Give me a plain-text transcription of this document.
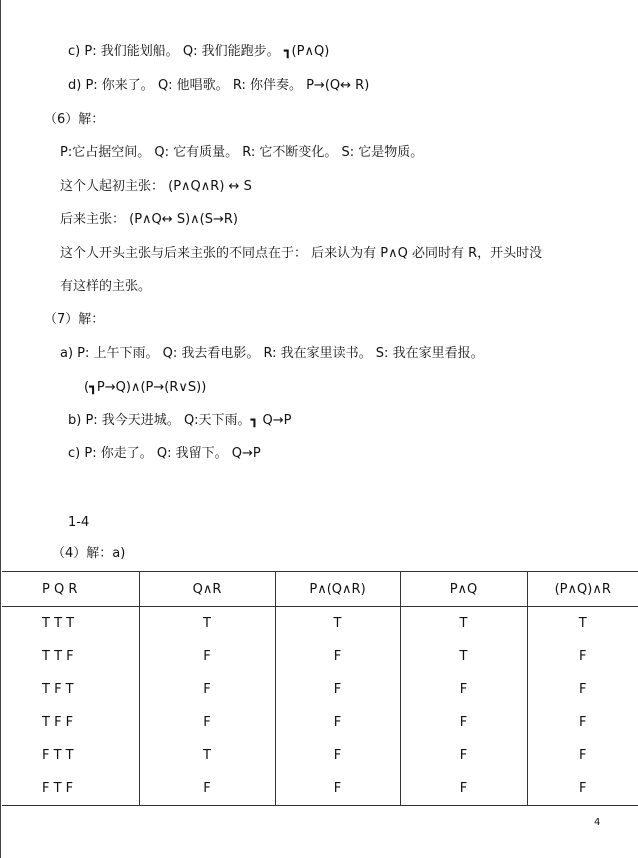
c) P: 我们能划船。 Q: 我们能跑步。 ┓(P∧Q)
d) P: 你来了。 Q: 他唱歌。 R: 你伴奏。 P→(Q↔ R)
（6）解：
P:它占据空间。 Q: 它有质量。 R: 它不断变化。 S: 它是物质。
这个人起初主张： (P∧Q∧R) ↔ S
后来主张： (P∧Q↔ S)∧(S→R)
这个人开头主张与后来主张的不同点在于： 后来认为有 P∧Q 必同时有 R，开头时没
有这样的主张。
（7）解：
a) P: 上午下雨。 Q: 我去看电影。 R: 我在家里读书。 S: 我在家里看报。
(┓P→Q)∧(P→(R∨S))
b) P: 我今天进城。 Q:天下雨。┓ Q→P
c) P: 你走了。 Q: 我留下。 Q→P
1-4
（4）解：a)
P Q R	Q∧R	P∧(Q∧R)	P∧Q	(P∧Q)∧R
T T T	T	T	T	T
T T F	F	F	T	F
T F T	F	F	F	F
T F F	F	F	F	F
F T T	T	F	F	F
F T F	F	F	F	F
4
